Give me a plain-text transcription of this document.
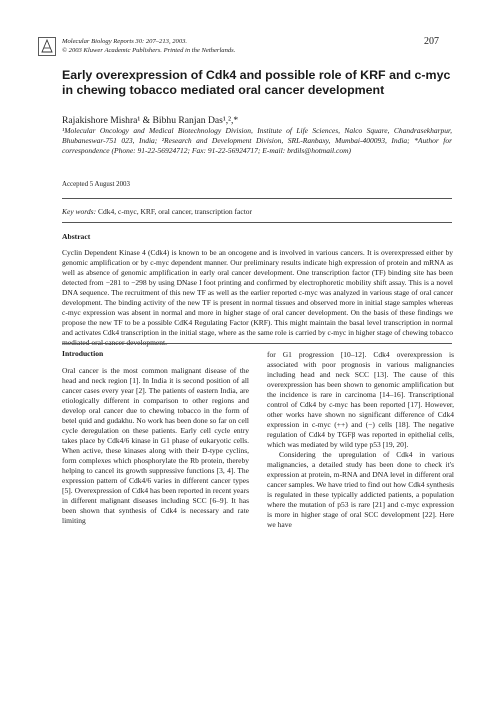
Molecular Biology Reports 30: 207–213, 2003.
© 2003 Kluwer Academic Publishers. Printed in the Netherlands.
207
Early overexpression of Cdk4 and possible role of KRF and c-myc in chewing tobacco mediated oral cancer development
Rajakishore Mishra¹ & Bibhu Ranjan Das¹,²,*
¹Molecular Oncology and Medical Biotechnology Division, Institute of Life Sciences, Nalco Square, Chandrasekharpur, Bhubaneswar-751 023, India; ²Research and Development Division, SRL-Ranbaxy, Mumbai-400093, India; *Author for correspondence (Phone: 91-22-56924712; Fax: 91-22-56924717; E-mail: brdils@hotmail.com)
Accepted 5 August 2003
Key words: Cdk4, c-myc, KRF, oral cancer, transcription factor
Abstract
Cyclin Dependent Kinase 4 (Cdk4) is known to be an oncogene and is involved in various cancers. It is overexpressed either by genomic amplification or by c-myc dependent manner. Our preliminary results indicate high expression of protein and mRNA as well as absence of genomic amplification in early oral cancer development. One transcription factor (TF) binding site has been detected from −281 to −298 by using DNase I foot printing and confirmed by electrophoretic mobility shift assay. This is a novel DNA sequence. The recruitment of this new TF as well as the earlier reported c-myc was analyzed in various stage of oral cancer development. The binding activity of the new TF is present in normal tissues and observed more in initial stage samples whereas c-myc expression was absent in normal and more in higher stage of oral cancer development. On the basis of these findings we propose the new TF to be a possible CdK4 Regulating Factor (KRF). This might maintain the basal level transcription in normal and activates Cdk4 transcription in the initial stage, where as the same role is carried by c-myc in higher stage of chewing tobacco mediated oral cancer development.
Introduction

Oral cancer is the most common malignant disease of the head and neck region [1]. In India it is second position of all cancer cases every year [2]. The patients of eastern India, are etiologically different in comparison to other regions and develop oral cancer due to chewing tobacco in the form of betel quid and gudakhu. No work has been done so far on cell cycle deregulation on these patients. Early cell cycle entry takes place by Cdk4/6 kinase in G1 phase of eukaryotic cells. When active, these kinases along with their D-type cyclins, form complexes which phosphorylate the Rb protein, thereby helping to cancel its growth suppressive functions [3, 4]. The expression pattern of Cdk4/6 varies in different cancer types [5]. Overexpression of Cdk4 has been reported in recent years in different malignant diseases including SCC [6–9]. It has been shown that synthesis of Cdk4 is necessary and rate limiting

for G1 progression [10–12]. Cdk4 overexpression is associated with poor prognosis in various malignancies including head and neck SCC [13]. The cause of this overexpression has been shown to genomic amplification but the incidence is rare in carcinoma [14–16]. Transcriptional control of Cdk4 by c-myc has been reported [17]. However, other works have shown no significant difference of Cdk4 expression in c-myc (++) and (−) cells [18]. The negative regulation of Cdk4 by TGFβ was reported in epithelial cells, which was mediated by wild type p53 [19, 20].

Considering the upregulation of Cdk4 in various malignancies, a detailed study has been done to check it's expression at protein, m-RNA and DNA level in different oral cancer samples. We have tried to find out how Cdk4 synthesis is regulated in these typically addicted patients, a population where the mutation of p53 is rare [21] and c-myc expression is more in higher stage of oral SCC development [22]. Here we have
